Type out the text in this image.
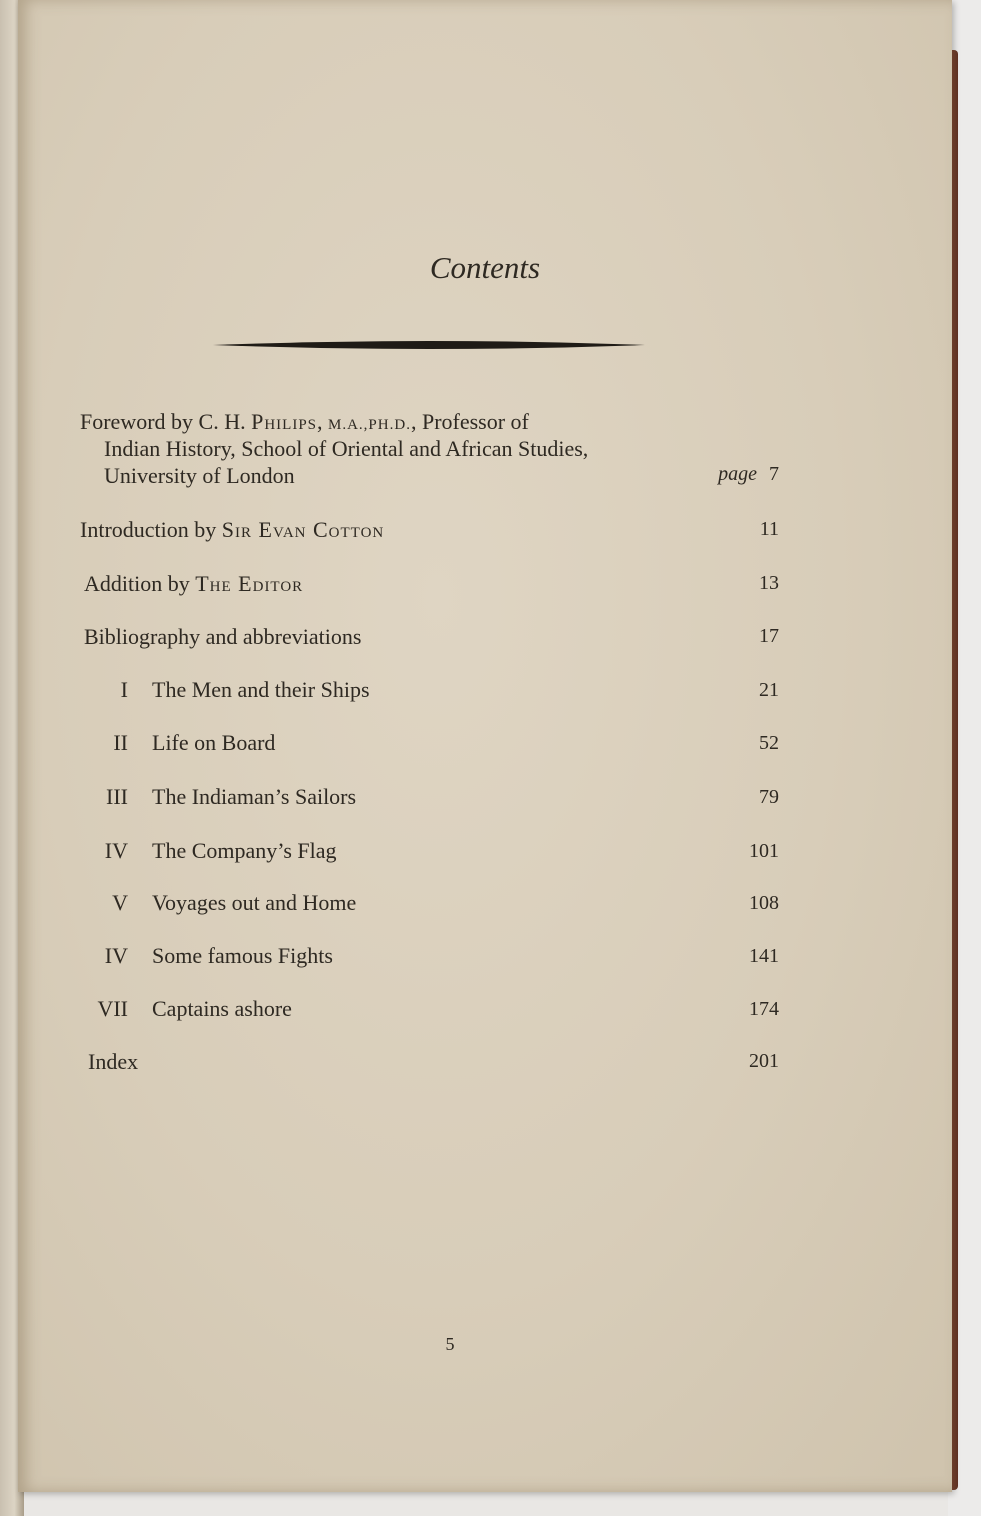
Contents
Foreword by C. H. Philips, M.A.,PH.D., Professor of
Indian History, School of Oriental and African Studies,
University of London	page 7
Introduction by Sir Evan Cotton	11
Addition by The Editor	13
Bibliography and abbreviations	17
I The Men and their Ships	21
II Life on Board	52
III The Indiaman’s Sailors	79
IV The Company’s Flag	101
V Voyages out and Home	108
IV Some famous Fights	141
VII Captains ashore	174
Index	201
5
